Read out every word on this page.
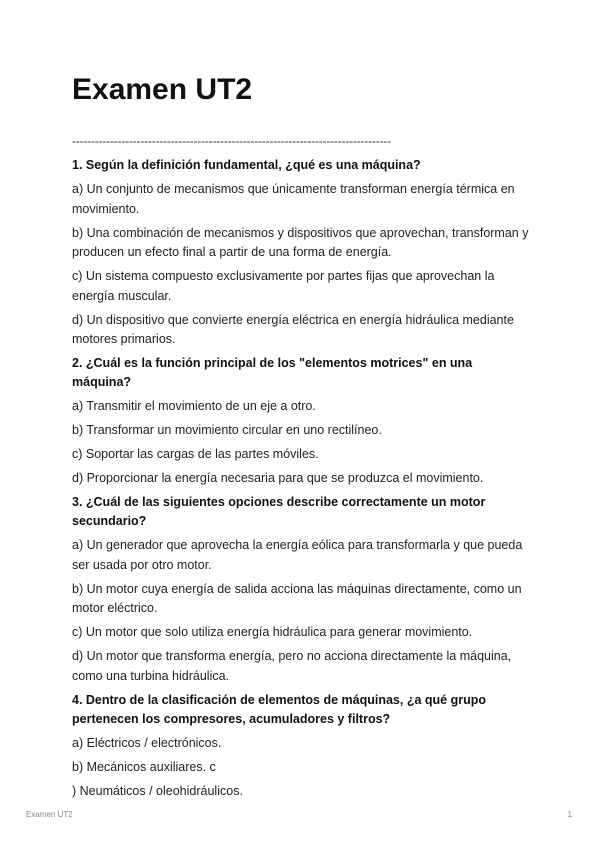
Examen UT2
------------------------------------------------------------------------------------

1. Según la definición fundamental, ¿qué es una máquina?

a) Un conjunto de mecanismos que únicamente transforman energía térmica en movimiento.

b) Una combinación de mecanismos y dispositivos que aprovechan, transforman y producen un efecto final a partir de una forma de energía.

c) Un sistema compuesto exclusivamente por partes fijas que aprovechan la energía muscular.

d) Un dispositivo que convierte energía eléctrica en energía hidráulica mediante motores primarios.

2. ¿Cuál es la función principal de los "elementos motrices" en una máquina?

a) Transmitir el movimiento de un eje a otro.

b) Transformar un movimiento circular en uno rectilíneo.

c) Soportar las cargas de las partes móviles.

d) Proporcionar la energía necesaria para que se produzca el movimiento.

3. ¿Cuál de las siguientes opciones describe correctamente un motor secundario?

a) Un generador que aprovecha la energía eólica para transformarla y que pueda ser usada por otro motor.

b) Un motor cuya energía de salida acciona las máquinas directamente, como un motor eléctrico.

c) Un motor que solo utiliza energía hidráulica para generar movimiento.

d) Un motor que transforma energía, pero no acciona directamente la máquina, como una turbina hidráulica.

4. Dentro de la clasificación de elementos de máquinas, ¿a qué grupo pertenecen los compresores, acumuladores y filtros?

a) Eléctricos / electrónicos.

b) Mecánicos auxiliares. c

) Neumáticos / oleohidráulicos.

Examen UT2	1
